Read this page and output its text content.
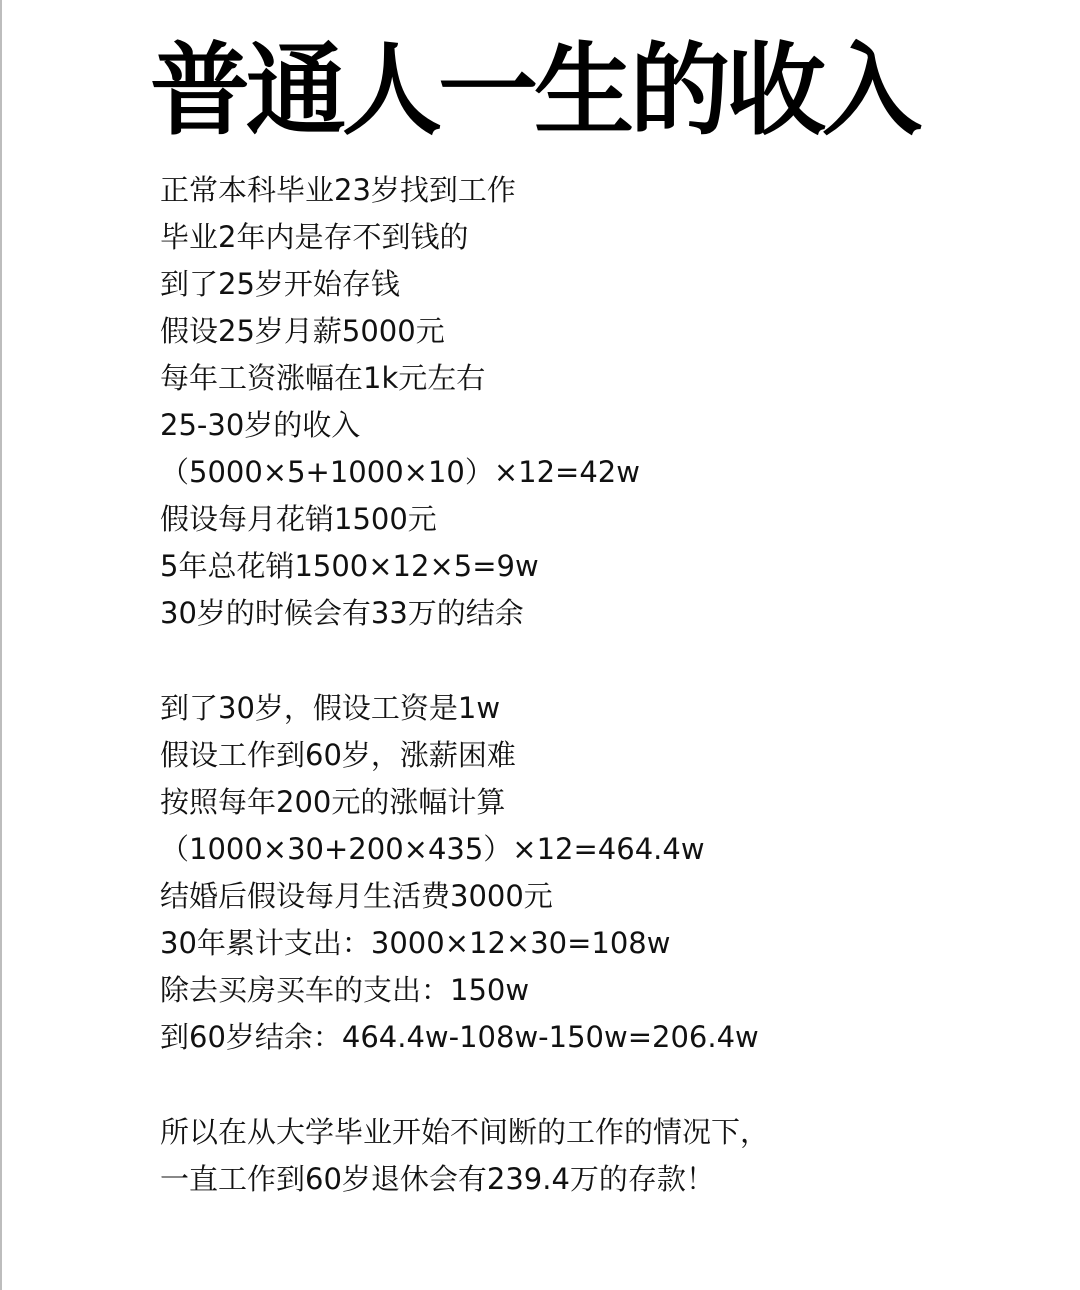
普通人一生的收入
正常本科毕业23岁找到工作
毕业2年内是存不到钱的
到了25岁开始存钱
假设25岁月薪5000元
每年工资涨幅在1k元左右
25-30岁的收入
（5000×5+1000×10）×12=42w
假设每月花销1500元
5年总花销1500×12×5=9w
30岁的时候会有33万的结余
到了30岁，假设工资是1w
假设工作到60岁，涨薪困难
按照每年200元的涨幅计算
（1000×30+200×435）×12=464.4w
结婚后假设每月生活费3000元
30年累计支出：3000×12×30=108w
除去买房买车的支出：150w
到60岁结余：464.4w-108w-150w=206.4w
所以在从大学毕业开始不间断的工作的情况下，
一直工作到60岁退休会有239.4万的存款！
